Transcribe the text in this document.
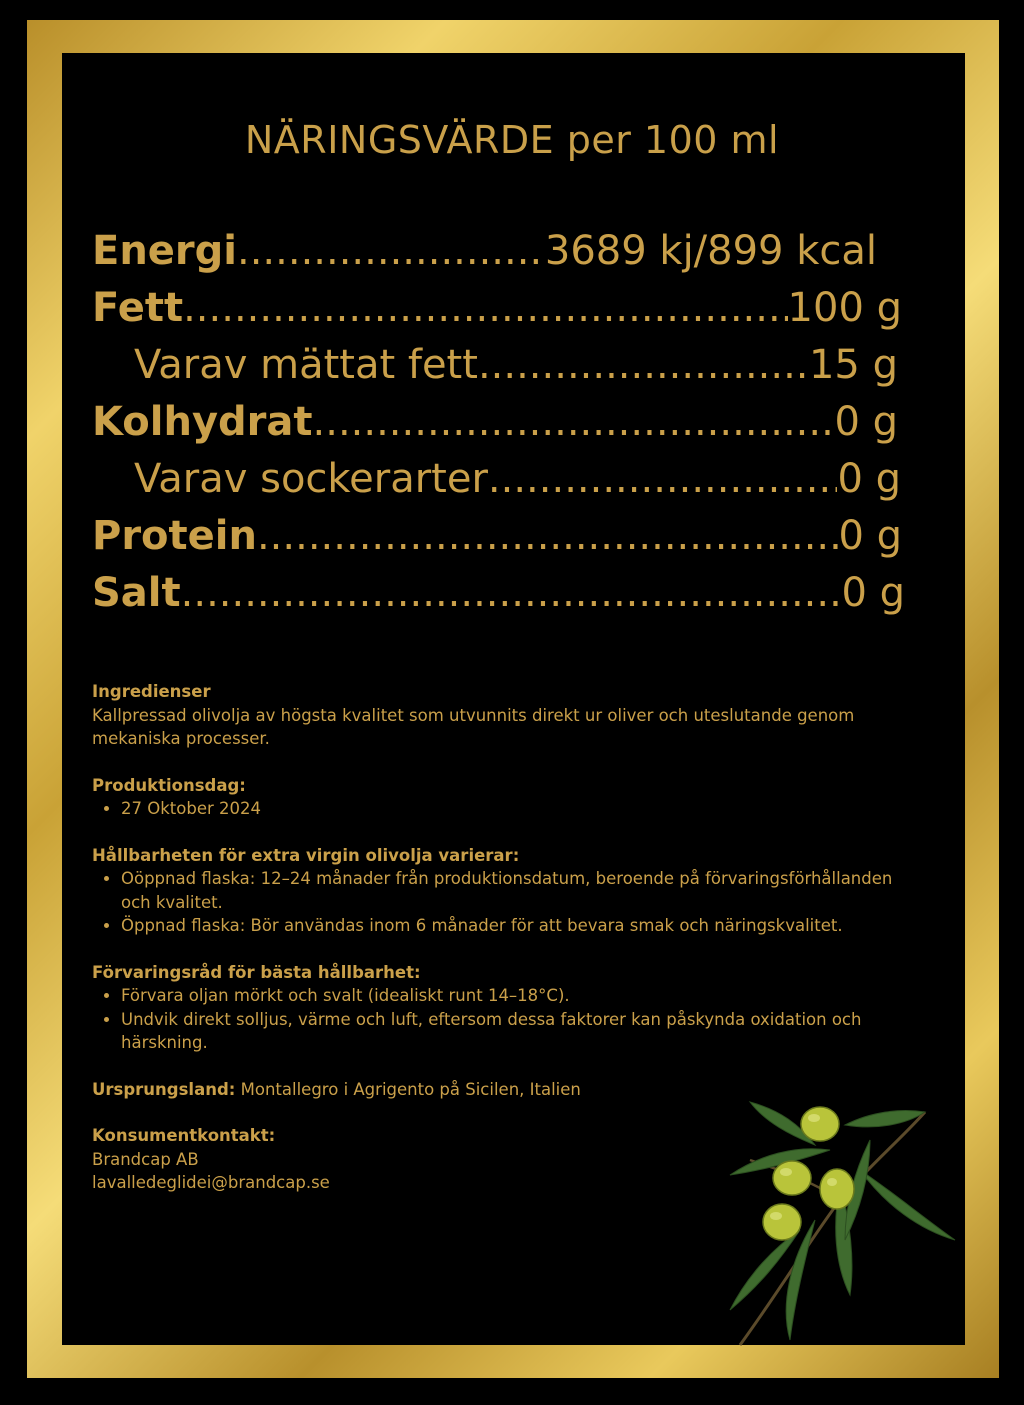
NÄRINGSVÄRDE per 100 ml
Energi .....	3689 kj/899 kcal
Fett .....	100 g
Varav mättat fett .....	15 g
Kolhydrat .....	0 g
Varav sockerarter .....	0 g
Protein .....	0 g
Salt .....	0 g

Ingredienser

Kallpressad olivolja av högsta kvalitet som utvunnits direkt ur oliver och uteslutande genom mekaniska processer.

Produktionsdag:

• 27 Oktober 2024

Hållbarheten för extra virgin olivolja varierar:

• Oöppnad flaska: 12–24 månader från produktionsdatum, beroende på förvaringsförhållanden och kvalitet.
• Öppnad flaska: Bör användas inom 6 månader för att bevara smak och näringskvalitet.

Förvaringsråd för bästa hållbarhet:

• Förvara oljan mörkt och svalt (idealiskt runt 14–18°C).
• Undvik direkt solljus, värme och luft, eftersom dessa faktorer kan påskynda oxidation och härskning.

Ursprungsland: Montallegro i Agrigento på Sicilen, Italien

Konsumentkontakt:

Brandcap AB

lavalledeglidei@brandcap.se
